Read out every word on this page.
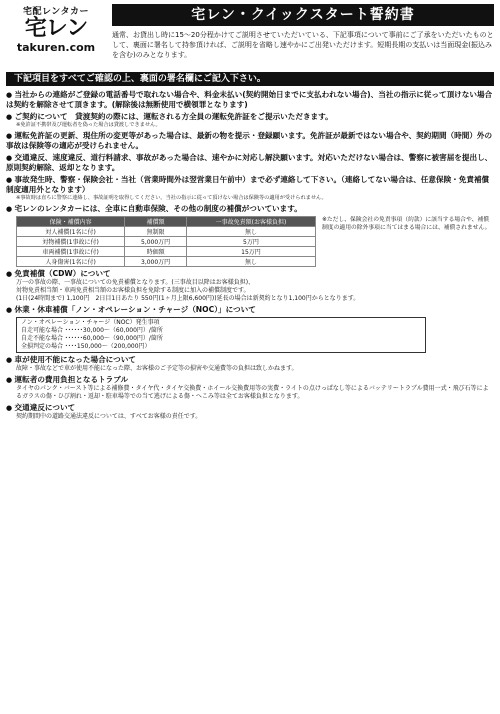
宅配レンタカー
宅レン
takuren.com
宅レン・クイックスタート誓約書
通常、お貸出し時に15〜20分程かけてご説明させていただいている、下記事項について事前にご了承をいただいたものとして、裏面に署名して持参頂ければ、ご説明を省略し速やかにご出発いただけます。短期長期の支払いは当面現金(振込みを含む)のみとなります。
下記項目をすべてご確認の上、裏面の署名欄にご記入下さい。
● 当社からの連絡がご登録の電話番号で取れない場合や、料金未払い(契約開始日までに支払われない場合)、当社の指示に従って頂けない場合は契約を解除させて頂きます。(解除後は無断使用で横領罪となります)
● ご契約について　貸渡契約の際には、運転される方全員の運転免許証をご提示いただきます。
※免許証不携帯及び運転者を偽った場合は貸渡しできません。
● 運転免許証の更新、現住所の変更等があった場合は、最新の物を提示・登録願います。免許証が最新ではない場合や、契約期間（時間）外の事故は保険等の適応が受けられません。
● 交通違反、速度違反、道行料請求、事故があった場合は、速やかに対応し解決願います。対応いただけない場合は、警察に被害届を提出し、原則契約解除、返却となります。
● 事故発生時、警察・保険会社・当社（営業時間外は翌営業日午前中）まで必ず連絡して下さい。（連絡してない場合は、任意保険・免責補償制度適用外となります）
※事故時は直ちに警察に連絡し、事故証明を取得してください。当社の指示に従って頂けない場合は保険等の適用が受けられません。
● 宅レンのレンタカーには、全車に自動車保険、その他の制度の補償がついています。
保険・補償内容	補償額	一事故免責額(お客様負担)
対人補償(1名に付)	無制限	無し
対物補償(1事故に付)	5,000万円	5万円
車両補償(1事故に付)	時価額	15万円
人身傷害(1名に付)	3,000万円	無し
※ただし、保険会社の免責事項（約款）に該当する場合や、補償制度の適用の除外事項に当てはまる場合には、補償されません。
● 免責補償（CDW）について
万一の事故の際、一事故についての免責補償となります。(三事故目以降はお客様負担)、
対物免責相当額・車両免責相当額のお客様負担を免除する制度に加入の補償制度です。
(1日(24時間まで) 1,100円　2日目1日あたり 550円(1ヶ月上限6,600円))延長の場合は新契約となり1,100円からとなります。
● 休業・休車補償「ノン・オペレーション・チャージ（NOC）」について
ノン・オペレーション・チャージ（NOC）発生事項
自走可能な場合 ･･････30,000〜（60,000円）/箇所
自走不能な場合 ･･････60,000〜（90,000円）/箇所
全損判定の場合 ････150,000〜（200,000円）
● 車が使用不能になった場合について
故障・事故などで車が使用不能になった際、お客様のご予定等の損害や交通費等の負担は致しかねます。
● 運転者の費用負担となるトラブル
タイヤのパンク・バースト等による補修費・タイヤ代・タイヤ交換費・ホイール交換費用等の実費・ライトの点けっぱなし等によるバッテリートラブル費用一式・飛び石等によるガラスの傷・ひび割れ・返却・駐車場等での当て逃げによる傷・へこみ等は全てお客様負担となります。
● 交通違反について
契約期間中の道路交通法違反については、すべてお客様の責任です。
